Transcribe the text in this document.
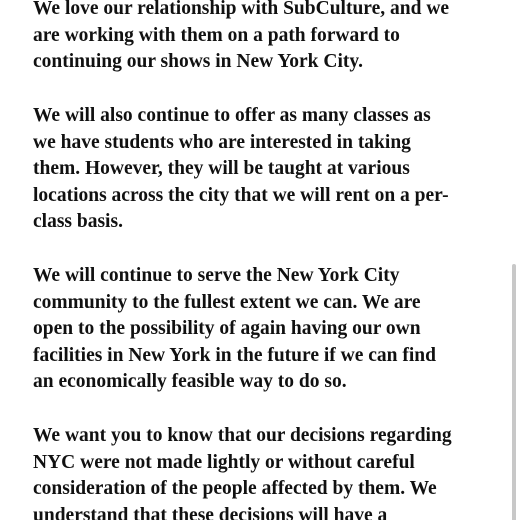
We love our relationship with SubCulture, and we
are working with them on a path forward to
continuing our shows in New York City.
We will also continue to offer as many classes as
we have students who are interested in taking
them. However, they will be taught at various
locations across the city that we will rent on a per-
class basis.
We will continue to serve the New York City
community to the fullest extent we can. We are
open to the possibility of again having our own
facilities in New York in the future if we can find
an economically feasible way to do so.
We want you to know that our decisions regarding
NYC were not made lightly or without careful
consideration of the people affected by them. We
understand that these decisions will have a
